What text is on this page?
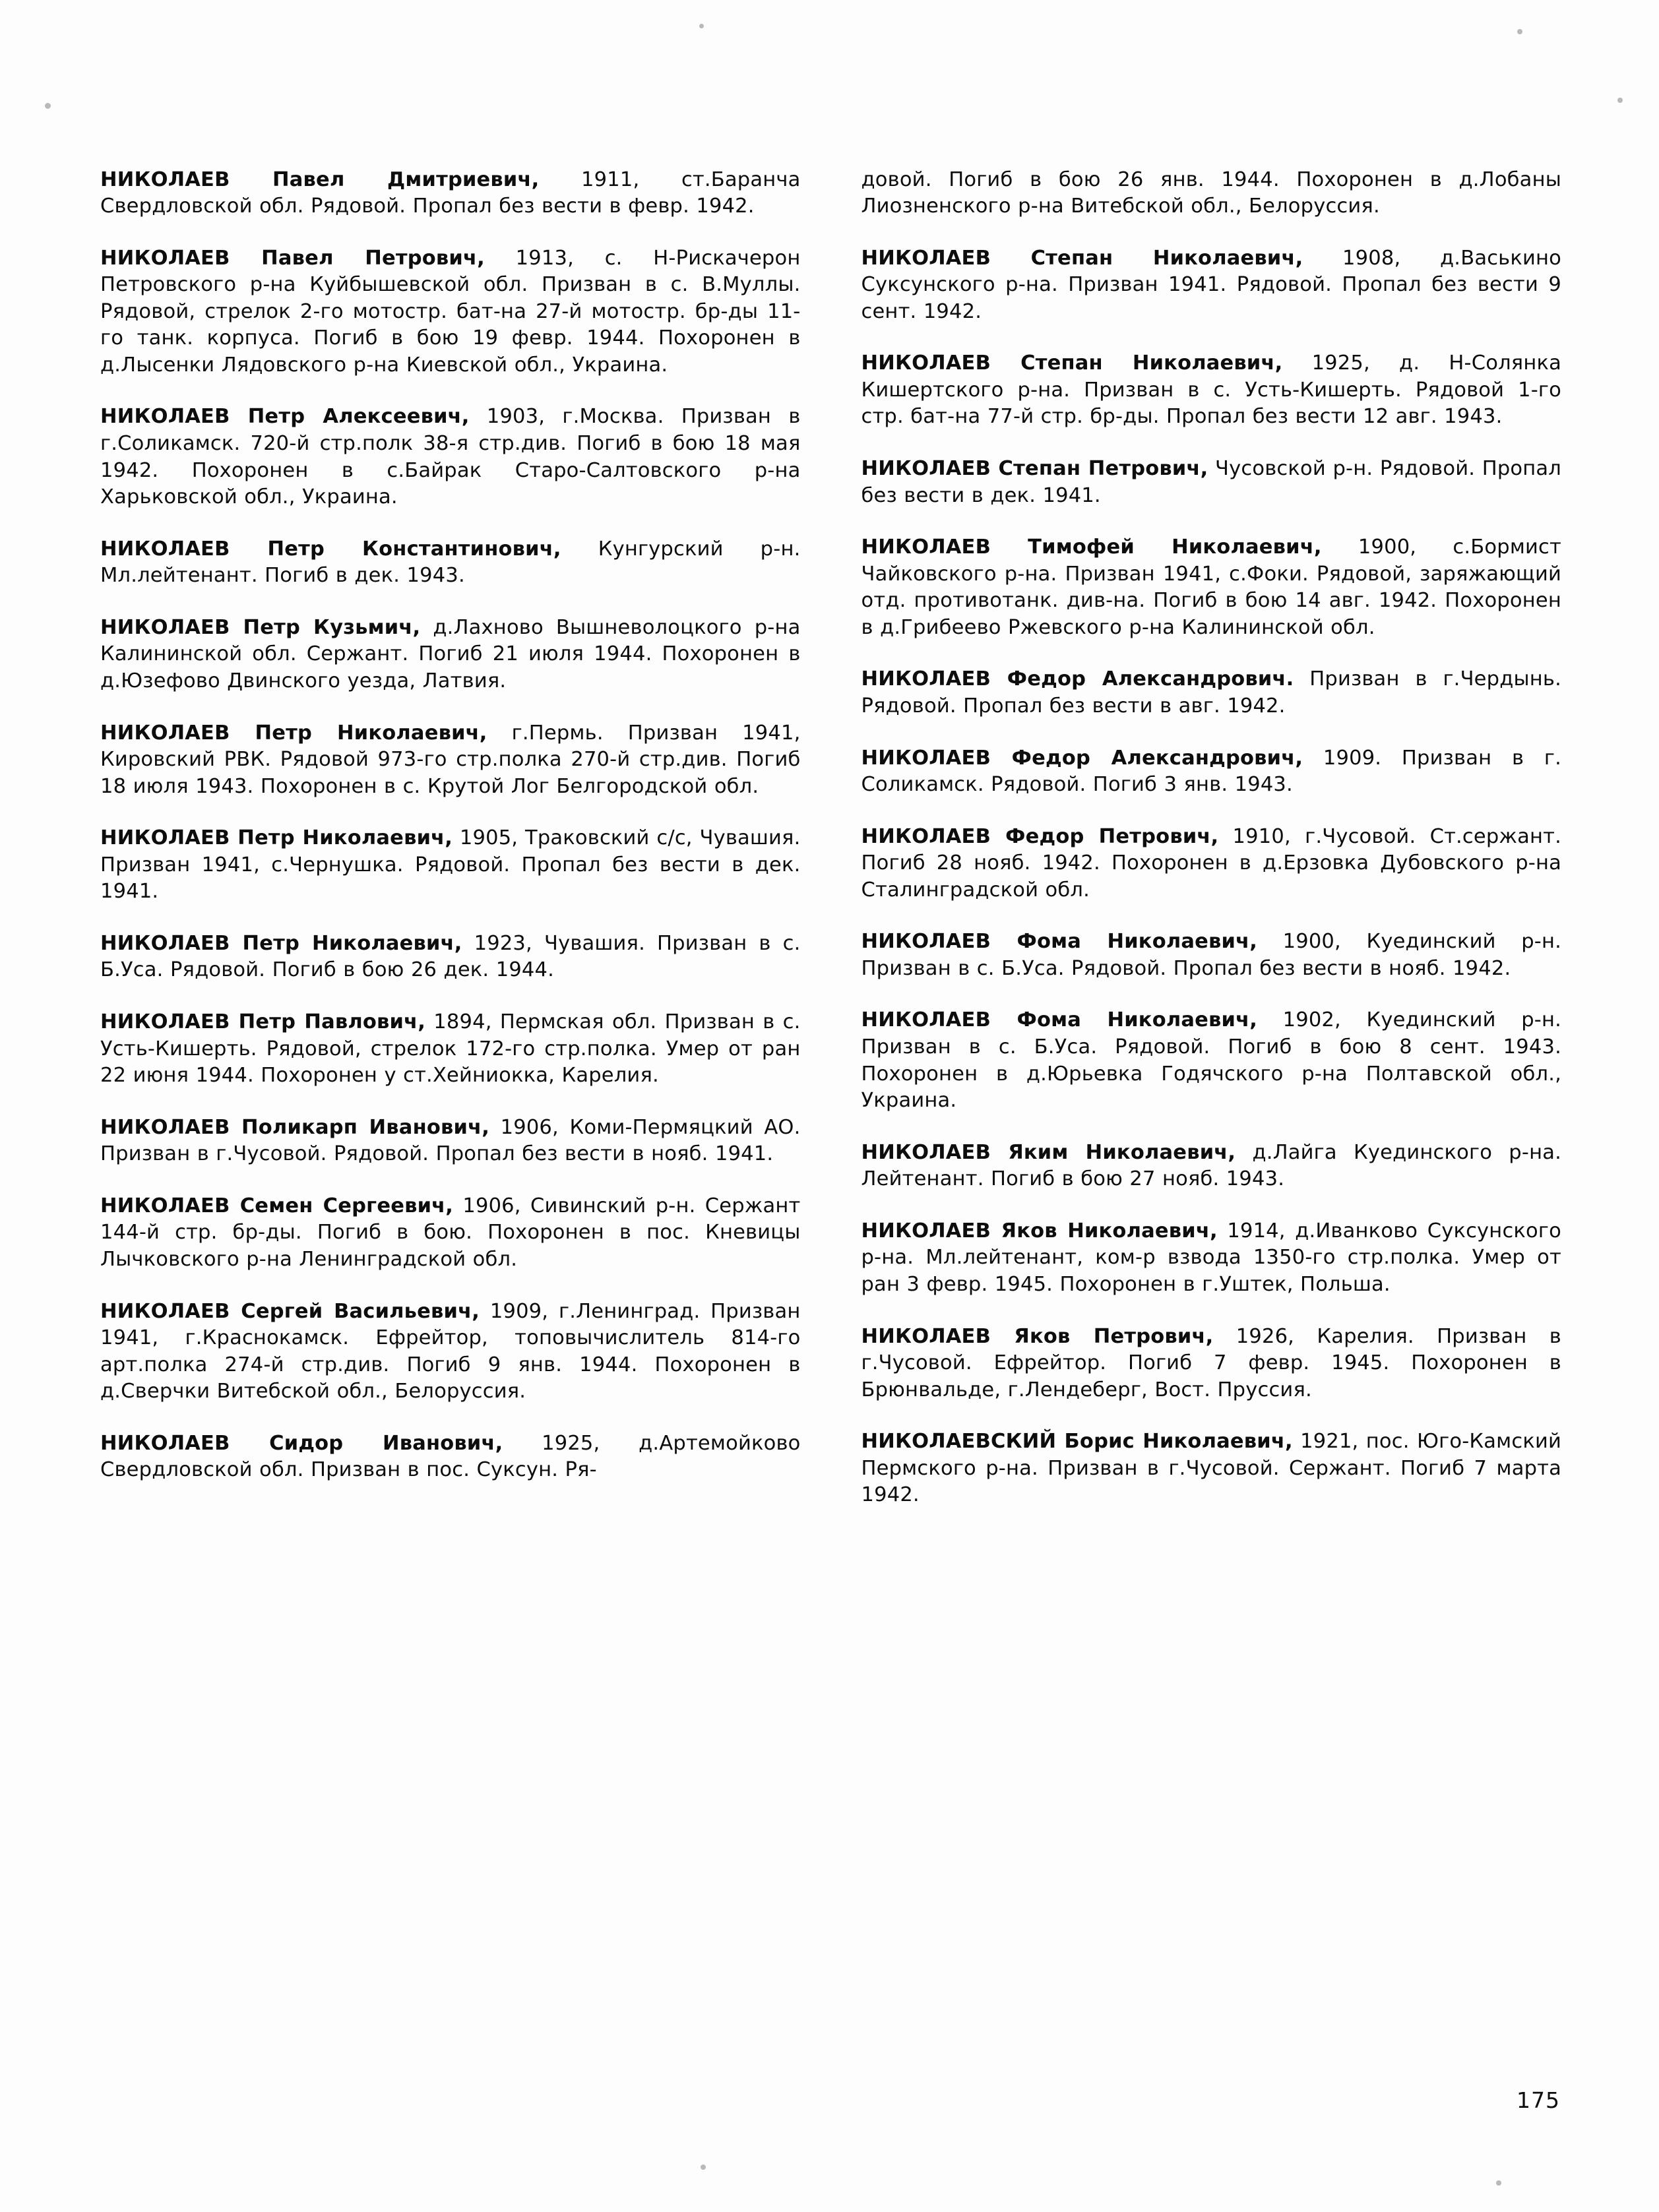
НИКОЛАЕВ Павел Дмитриевич, 1911, ст.Баранча Свердловской обл. Рядовой. Пропал без вести в февр. 1942.

НИКОЛАЕВ Павел Петрович, 1913, с. Н-Рискачерон Петровского р-на Куйбышевской обл. Призван в с. В.Муллы. Рядовой, стрелок 2-го мотостр. бат-на 27-й мотостр. бр-ды 11-го танк. корпуса. Погиб в бою 19 февр. 1944. Похоронен в д.Лысенки Лядовского р-на Киевской обл., Украина.

НИКОЛАЕВ Петр Алексеевич, 1903, г.Москва. Призван в г.Соликамск. 720-й стр.полк 38-я стр.див. Погиб в бою 18 мая 1942. Похоронен в с.Байрак Старо-Салтовского р-на Харьковской обл., Украина.

НИКОЛАЕВ Петр Константинович, Кунгурский р-н. Мл.лейтенант. Погиб в дек. 1943.

НИКОЛАЕВ Петр Кузьмич, д.Лахново Вышневолоцкого р-на Калининской обл. Сержант. Погиб 21 июля 1944. Похоронен в д.Юзефово Двинского уезда, Латвия.

НИКОЛАЕВ Петр Николаевич, г.Пермь. Призван 1941, Кировский РВК. Рядовой 973-го стр.полка 270-й стр.див. Погиб 18 июля 1943. Похоронен в с. Крутой Лог Белгородской обл.

НИКОЛАЕВ Петр Николаевич, 1905, Траковский с/с, Чувашия. Призван 1941, с.Чернушка. Рядовой. Пропал без вести в дек. 1941.

НИКОЛАЕВ Петр Николаевич, 1923, Чувашия. Призван в с. Б.Уса. Рядовой. Погиб в бою 26 дек. 1944.

НИКОЛАЕВ Петр Павлович, 1894, Пермская обл. Призван в с. Усть-Кишерть. Рядовой, стрелок 172-го стр.полка. Умер от ран 22 июня 1944. Похоронен у ст.Хейниокка, Карелия.

НИКОЛАЕВ Поликарп Иванович, 1906, Коми-Пермяцкий АО. Призван в г.Чусовой. Рядовой. Пропал без вести в нояб. 1941.

НИКОЛАЕВ Семен Сергеевич, 1906, Сивинский р-н. Сержант 144-й стр. бр-ды. Погиб в бою. Похоронен в пос. Кневицы Лычковского р-на Ленинградской обл.

НИКОЛАЕВ Сергей Васильевич, 1909, г.Ленинград. Призван 1941, г.Краснокамск. Ефрейтор, топовычислитель 814-го арт.полка 274-й стр.див. Погиб 9 янв. 1944. Похоронен в д.Сверчки Витебской обл., Белоруссия.

НИКОЛАЕВ Сидор Иванович, 1925, д.Артемойково Свердловской обл. Призван в пос. Суксун. Ря-

довой. Погиб в бою 26 янв. 1944. Похоронен в д.Лобаны Лиозненского р-на Витебской обл., Белоруссия.

НИКОЛАЕВ Степан Николаевич, 1908, д.Васькино Суксунского р-на. Призван 1941. Рядовой. Пропал без вести 9 сент. 1942.

НИКОЛАЕВ Степан Николаевич, 1925, д. Н-Солянка Кишертского р-на. Призван в с. Усть-Кишерть. Рядовой 1-го стр. бат-на 77-й стр. бр-ды. Пропал без вести 12 авг. 1943.

НИКОЛАЕВ Степан Петрович, Чусовской р-н. Рядовой. Пропал без вести в дек. 1941.

НИКОЛАЕВ Тимофей Николаевич, 1900, с.Бормист Чайковского р-на. Призван 1941, с.Фоки. Рядовой, заряжающий отд. противотанк. див-на. Погиб в бою 14 авг. 1942. Похоронен в д.Грибеево Ржевского р-на Калининской обл.

НИКОЛАЕВ Федор Александрович. Призван в г.Чердынь. Рядовой. Пропал без вести в авг. 1942.

НИКОЛАЕВ Федор Александрович, 1909. Призван в г. Соликамск. Рядовой. Погиб 3 янв. 1943.

НИКОЛАЕВ Федор Петрович, 1910, г.Чусовой. Ст.сержант. Погиб 28 нояб. 1942. Похоронен в д.Ерзовка Дубовского р-на Сталинградской обл.

НИКОЛАЕВ Фома Николаевич, 1900, Куединский р-н. Призван в с. Б.Уса. Рядовой. Пропал без вести в нояб. 1942.

НИКОЛАЕВ Фома Николаевич, 1902, Куединский р-н. Призван в с. Б.Уса. Рядовой. Погиб в бою 8 сент. 1943. Похоронен в д.Юрьевка Годячского р-на Полтавской обл., Украина.

НИКОЛАЕВ Яким Николаевич, д.Лайга Куединского р-на. Лейтенант. Погиб в бою 27 нояб. 1943.

НИКОЛАЕВ Яков Николаевич, 1914, д.Иванково Суксунского р-на. Мл.лейтенант, ком-р взвода 1350-го стр.полка. Умер от ран 3 февр. 1945. Похоронен в г.Уштек, Польша.

НИКОЛАЕВ Яков Петрович, 1926, Карелия. Призван в г.Чусовой. Ефрейтор. Погиб 7 февр. 1945. Похоронен в Брюнвальде, г.Лендеберг, Вост. Пруссия.

НИКОЛАЕВСКИЙ Борис Николаевич, 1921, пос. Юго-Камский Пермского р-на. Призван в г.Чусовой. Сержант. Погиб 7 марта 1942.

175
